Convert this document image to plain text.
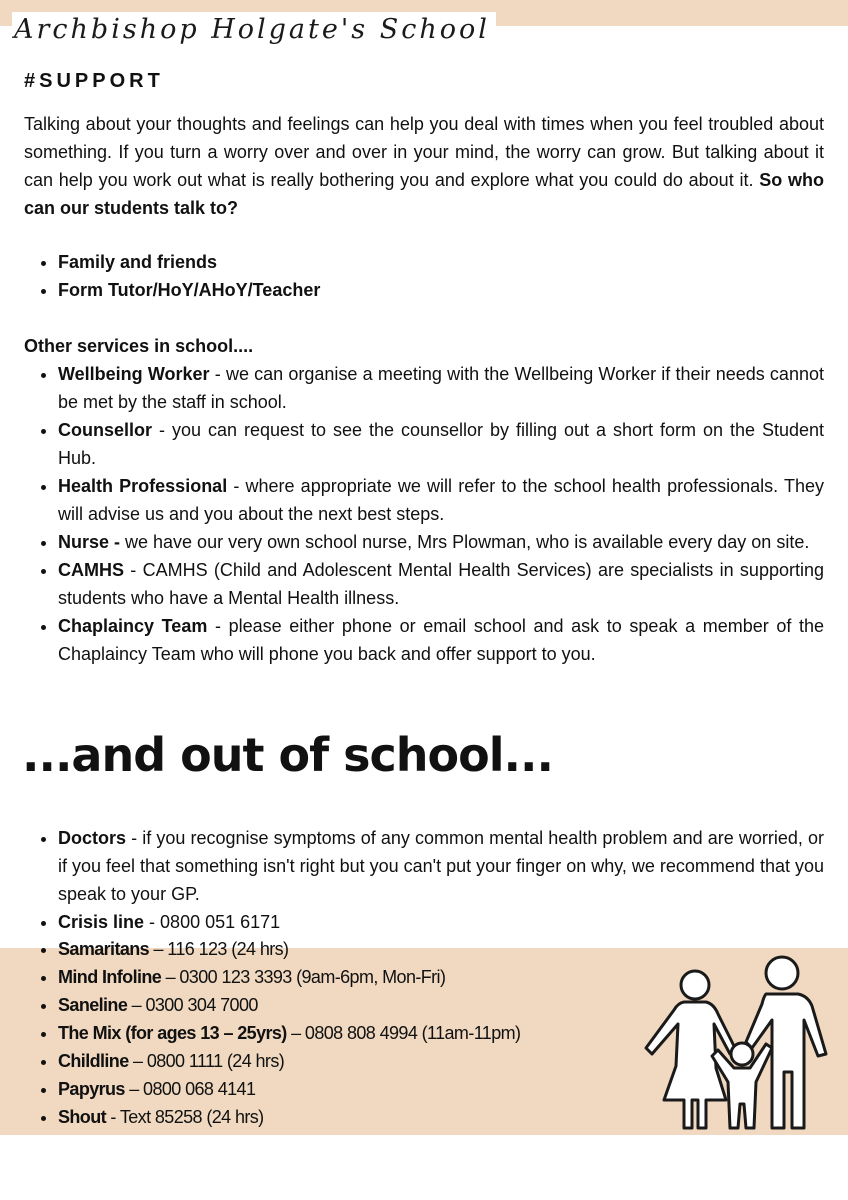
Archbishop Holgate's School
#SUPPORT

Talking about your thoughts and feelings can help you deal with times when you feel troubled about something. If you turn a worry over and over in your mind, the worry can grow. But talking about it can help you work out what is really bothering you and explore what you could do about it. So who can our students talk to?

• Family and friends
• Form Tutor/HoY/AHoY/Teacher

Other services in school....

• Wellbeing Worker - we can organise a meeting with the Wellbeing Worker if their needs cannot be met by the staff in school.
• Counsellor - you can request to see the counsellor by filling out a short form on the Student Hub.
• Health Professional - where appropriate we will refer to the school health professionals. They will advise us and you about the next best steps.
• Nurse - we have our very own school nurse, Mrs Plowman, who is available every day on site.
• CAMHS - CAMHS (Child and Adolescent Mental Health Services) are specialists in supporting students who have a Mental Health illness.
• Chaplaincy Team - please either phone or email school and ask to speak a member of the Chaplaincy Team who will phone you back and offer support to you.
...and out of school...
• Doctors - if you recognise symptoms of any common mental health problem and are worried, or if you feel that something isn't right but you can't put your finger on why, we recommend that you speak to your GP.
• Crisis line - 0800 051 6171
• Samaritans – 116 123 (24 hrs)
• Mind Infoline – 0300 123 3393 (9am-6pm, Mon-Fri)
• Saneline – 0300 304 7000
• The Mix (for ages 13 – 25yrs) – 0808 808 4994 (11am-11pm)
• Childline – 0800 1111 (24 hrs)
• Papyrus – 0800 068 4141
• Shout - Text 85258 (24 hrs)
